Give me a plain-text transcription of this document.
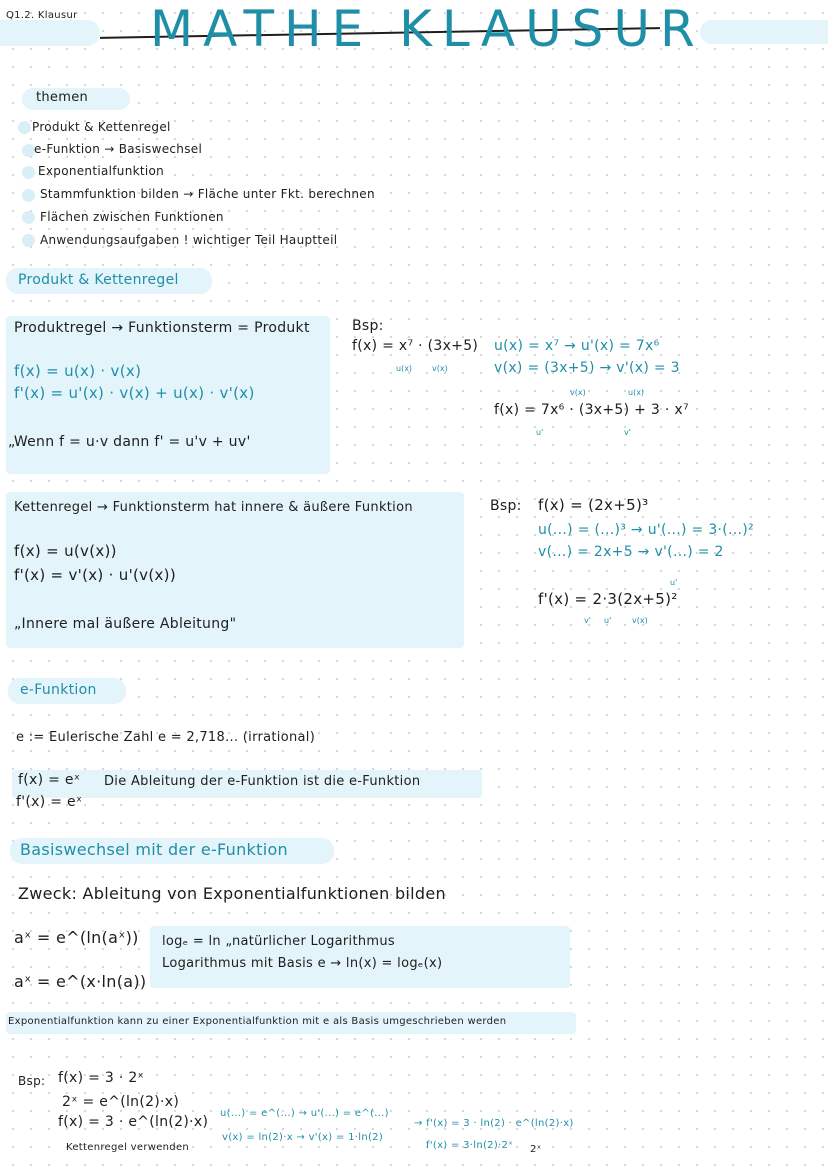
Q1.2. Klausur MATHE KLAUSUR
themen
Produkt & Kettenregel
e-Funktion → Basiswechsel
Exponentialfunktion
Stammfunktion bilden → Fläche unter Fkt. berechnen
Flächen zwischen Funktionen
Anwendungsaufgaben ! wichtiger Teil Hauptteil
Produkt & Kettenregel
Produktregel → Funktionsterm = Produkt
f(x) = u(x) · v(x)
f'(x) = u'(x) · v(x) + u(x) · v'(x)
„Wenn f = u·v dann f' = u'v + uv'
Bsp:
f(x) = x⁷ · (3x+5)
u(x) v(x)
u(x) = x⁷ → u'(x) = 7x⁶
v(x) = (3x+5) → v'(x) = 3
v(x)	u(x)
f(x) = 7x⁶ · (3x+5) + 3 · x⁷
u'	v'
Kettenregel → Funktionsterm hat innere & äußere Funktion
f(x) = u(v(x))
f'(x) = v'(x) · u'(v(x))
„Innere mal äußere Ableitung"
Bsp: f(x) = (2x+5)³
u(...) = (...)³ → u'(...) = 3·(...)²
v(...) = 2x+5 → v'(...) = 2
u'
f'(x) = 2·3(2x+5)²
v' u'	v(x)
e-Funktion
e := Eulerische Zahl e = 2,718... (irrational)
f(x) = eˣ
f'(x) = eˣ
Die Ableitung der e-Funktion ist die e-Funktion
Basiswechsel mit der e-Funktion
Zweck: Ableitung von Exponentialfunktionen bilden
aˣ = e^(ln(aˣ))
aˣ = e^(x·ln(a))
logₑ = ln „natürlicher Logarithmus
Logarithmus mit Basis e → ln(x) = logₑ(x)
Exponentialfunktion kann zu einer Exponentialfunktion mit e als Basis umgeschrieben werden
Bsp: f(x) = 3 · 2ˣ
2ˣ = e^(ln(2)·x)
f(x) = 3 · e^(ln(2)·x)
Kettenregel verwenden
u(...) = e^(...) → u'(...) = e^(...)
v(x) = ln(2)·x → v'(x) = 1·ln(2)
→ f'(x) = 3 · ln(2) · e^(ln(2)·x)
f'(x) = 3·ln(2)·2ˣ 2ˣ
